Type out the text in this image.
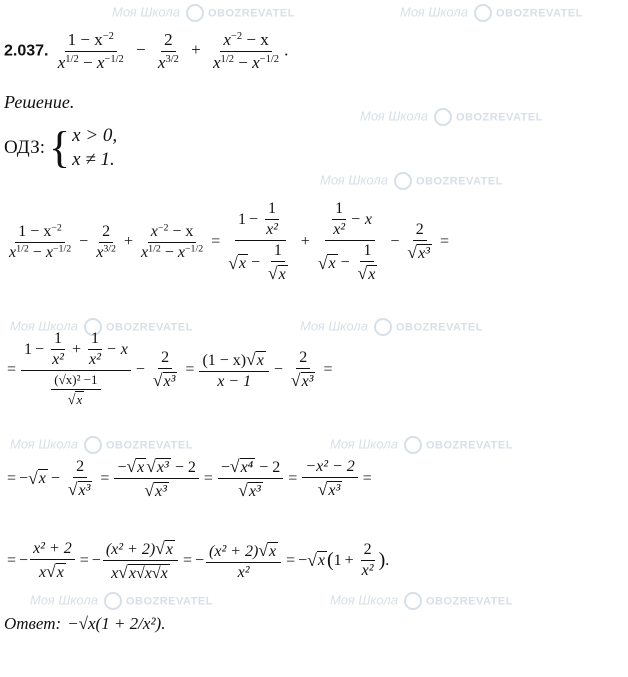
Моя Школа	OBOZREVATEL	Моя Школа	OBOZREVATEL
Моя Школа	OBOZREVATEL
Моя Школа	OBOZREVATEL
Моя Школа	OBOZREVATEL	Моя Школа	OBOZREVATEL
Моя Школа	OBOZREVATEL	Моя Школа	OBOZREVATEL
Моя Школа	OBOZREVATEL	Моя Школа	OBOZREVATEL
2.037. $\frac{1 - x^{-2}}{x^{1/2} - x^{-1/2}} - \frac{2}{x^{3/2}} + \frac{x^{-2} - x}{x^{1/2} - x^{-1/2}}$ .
Решение.
ОДЗ: { x > 0,
x ≠ 1.
$\frac{1 - x^{-2}}{x^{1/2} - x^{-1/2}} - \frac{2}{x^{3/2}} + \frac{x^{-2} - x}{x^{1/2} - x^{-1/2}} = \frac{1 - \frac{1}{\text{x²}}}{√ x - \frac{1}{√x}} + \frac{\frac{1}{\text{x²}} - x}{√ x - \frac{1}{√x}} - \frac{2}{\text{√x³}}$ =
= $\frac{1 - \frac{1}{\text{x²}} + \frac{1}{\text{x²}} - x}{\frac{\text{(√x)² −1}}{√x}} - \frac{2}{\text{√x³}} = \frac{(1 - x)√x}{x - 1} - \frac{2}{\text{√x³}}$ =
= − √ $x - \frac{2}{\text{√x³}} = \frac{\text{−√x √x³ − 2}}{\text{√x³}} = \frac{\text{−√x⁴ − 2}}{\text{√x³}} = \frac{\text{−x² − 2}}{\text{√x³}}$ =
= − $\frac{\text{x² + 2}}{x√x}$ = − $\frac{\text{(x² + 2)√x}}{x√x√x√x}$ = − $\frac{\text{(x² + 2)√x}}{\text{x²}}$ = − √ x ( $1 + \frac{2}{\text{x²}}$ ) .
Ответ: −√x(1 + 2/x²).
